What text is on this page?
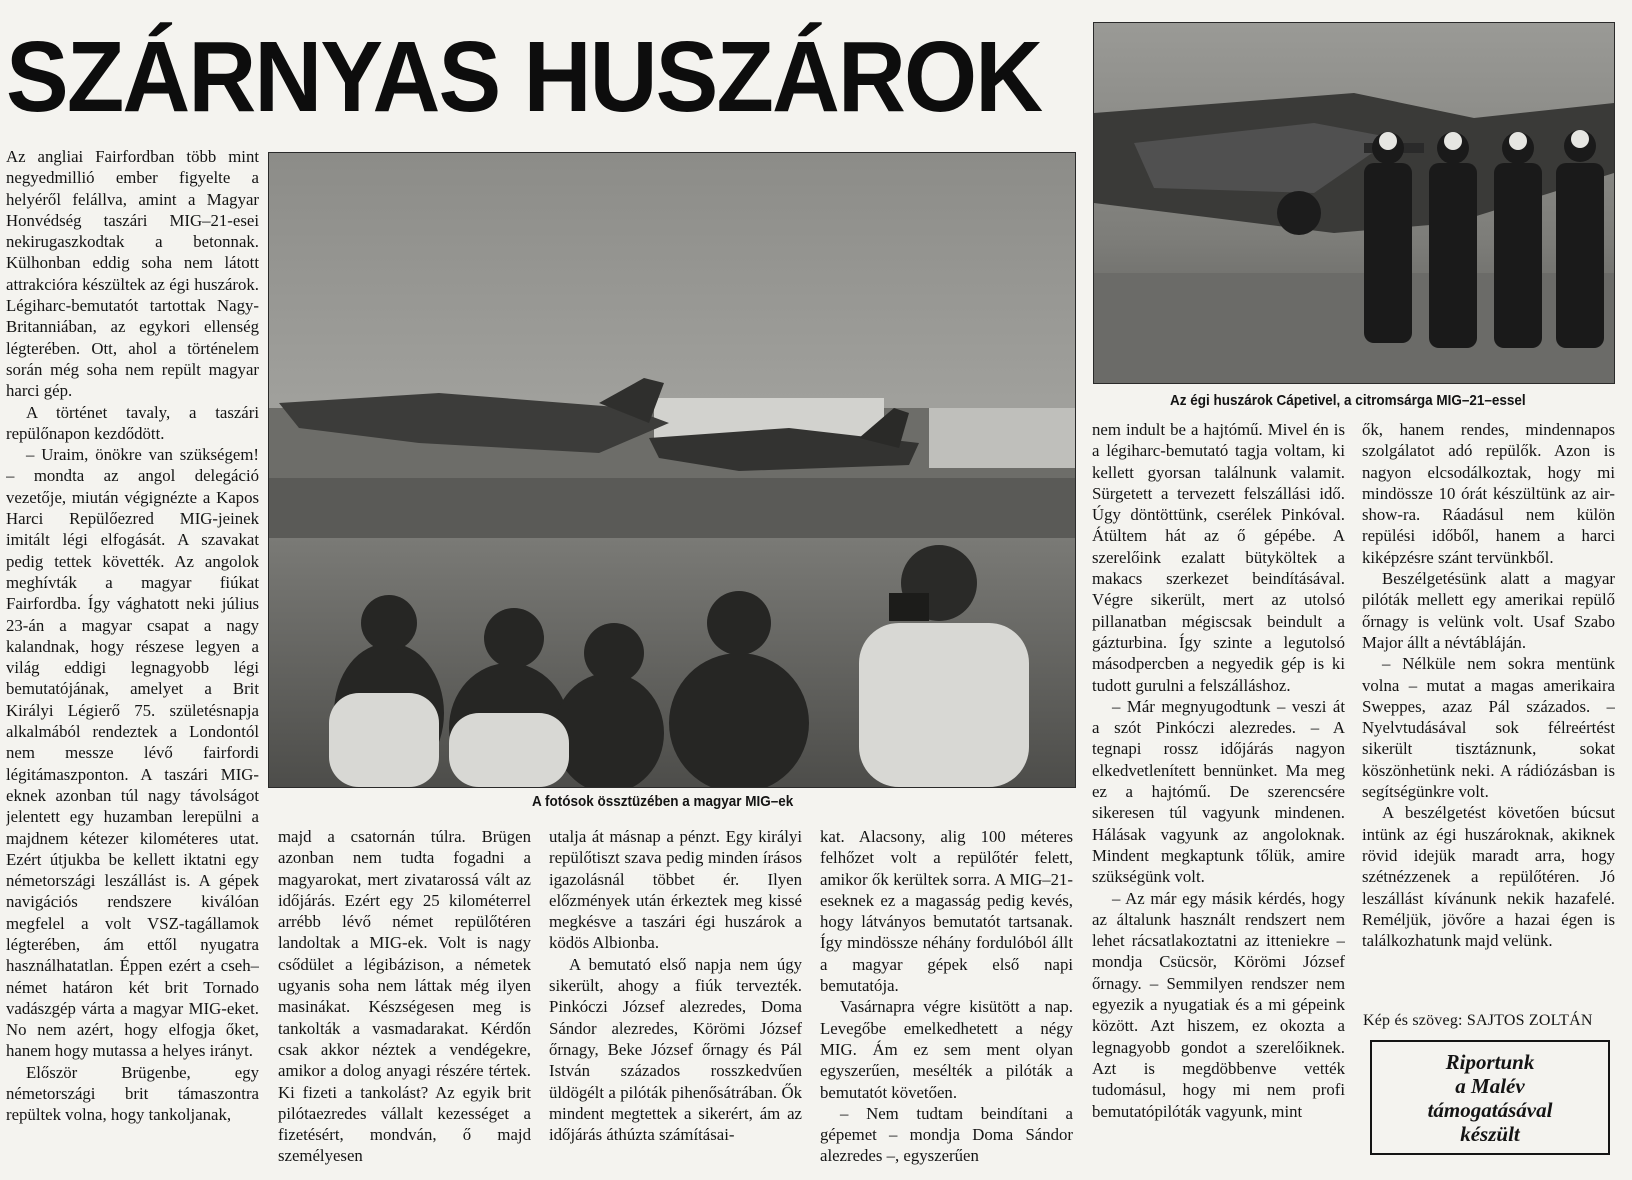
SZÁRNYAS HUSZÁROK
Az égi huszárok Cápetivel, a citromsárga MIG–21–essel
A fotósok össztüzében a magyar MIG–ek

Az angliai Fairfordban több mint negyedmillió ember figyelte a helyéről felállva, amint a Magyar Honvédség taszári MIG–21-esei nekirugaszkodtak a betonnak. Külhonban eddig soha nem látott attrakcióra készültek az égi huszárok. Légiharc-bemutatót tartottak Nagy-Britanniában, az egykori ellenség légterében. Ott, ahol a történelem során még soha nem repült magyar harci gép.

A történet tavaly, a taszári repülőnapon kezdődött.

– Uraim, önökre van szükségem! – mondta az angol delegáció vezetője, miután végignézte a Kapos Harci Repülőezred MIG-jeinek imitált légi elfogását. A szavakat pedig tettek követték. Az angolok meghívták a magyar fiúkat Fairfordba. Így vághatott neki július 23-án a magyar csapat a nagy kalandnak, hogy részese legyen a világ eddigi legnagyobb légi bemutatójának, amelyet a Brit Királyi Légierő 75. születésnapja alkalmából rendeztek a Londontól nem messze lévő fairfordi légitámaszponton. A taszári MIG-eknek azonban túl nagy távolságot jelentett egy huzamban lerepülni a majdnem kétezer kilométeres utat. Ezért útjukba be kellett iktatni egy németországi leszállást is. A gépek navigációs rendszere kiválóan megfelel a volt VSZ-tagállamok légterében, ám ettől nyugatra használhatatlan. Éppen ezért a cseh–német határon két brit Tornado vadászgép várta a magyar MIG-eket. No nem azért, hogy elfogja őket, hanem hogy mutassa a helyes irányt.

Először Brügenbe, egy németországi brit támaszontra repültek volna, hogy tankoljanak,

majd a csatornán túlra. Brügen azonban nem tudta fogadni a magyarokat, mert zivatarossá vált az időjárás. Ezért egy 25 kilométerrel arrébb lévő német repülőtéren landoltak a MIG-ek. Volt is nagy csődület a légibázison, a németek ugyanis soha nem láttak még ilyen masinákat. Készségesen meg is tankolták a vasmadarakat. Kérdőn csak akkor néztek a vendégekre, amikor a dolog anyagi részére tértek. Ki fizeti a tankolást? Az egyik brit pilótaezredes vállalt kezességet a fizetésért, mondván, ő majd személyesen

utalja át másnap a pénzt. Egy királyi repülőtiszt szava pedig minden írásos igazolásnál többet ér. Ilyen előzmények után érkeztek meg kissé megkésve a taszári égi huszárok a ködös Albionba.

A bemutató első napja nem úgy sikerült, ahogy a fiúk tervezték. Pinkóczi József alezredes, Doma Sándor alezredes, Körömi József őrnagy, Beke József őrnagy és Pál István százados rosszkedvűen üldögélt a pilóták pihenősátrában. Ők mindent megtettek a sikerért, ám az időjárás áthúzta számításai-

kat. Alacsony, alig 100 méteres felhőzet volt a repülőtér felett, amikor ők kerültek sorra. A MIG–21-eseknek ez a magasság pedig kevés, hogy látványos bemutatót tartsanak. Így mindössze néhány fordulóból állt a magyar gépek első napi bemutatója.

Vasárnapra végre kisütött a nap. Levegőbe emelkedhetett a négy MIG. Ám ez sem ment olyan egyszerűen, mesélték a pilóták a bemutatót követően.

– Nem tudtam beindítani a gépemet – mondja Doma Sándor alezredes –, egyszerűen

nem indult be a hajtómű. Mivel én is a légiharc-bemutató tagja voltam, ki kellett gyorsan találnunk valamit. Sürgetett a tervezett felszállási idő. Úgy döntöttünk, cserélek Pinkóval. Átültem hát az ő gépébe. A szerelőink ezalatt bütyköltek a makacs szerkezet beindításával. Végre sikerült, mert az utolsó pillanatban mégiscsak beindult a gázturbina. Így szinte a legutolsó másodpercben a negyedik gép is ki tudott gurulni a felszálláshoz.

– Már megnyugodtunk – veszi át a szót Pinkóczi alezredes. – A tegnapi rossz időjárás nagyon elkedvetlenített bennünket. Ma meg ez a hajtómű. De szerencsére sikeresen túl vagyunk mindenen. Hálásak vagyunk az angoloknak. Mindent megkaptunk tőlük, amire szükségünk volt.

– Az már egy másik kérdés, hogy az általunk használt rendszert nem lehet rácsatlakoztatni az itteniekre – mondja Csücsör, Körömi József őrnagy. – Semmilyen rendszer nem egyezik a nyugatiak és a mi gépeink között. Azt hiszem, ez okozta a legnagyobb gondot a szerelőiknek. Azt is megdöbbenve vették tudomásul, hogy mi nem profi bemutatópilóták vagyunk, mint

ők, hanem rendes, mindennapos szolgálatot adó repülők. Azon is nagyon elcsodálkoztak, hogy mi mindössze 10 órát készültünk az air-show-ra. Ráadásul nem külön repülési időből, hanem a harci kiképzésre szánt tervünkből.

Beszélgetésünk alatt a magyar pilóták mellett egy amerikai repülő őrnagy is velünk volt. Usaf Szabo Major állt a névtábláján.

– Nélküle nem sokra mentünk volna – mutat a magas amerikaira Sweppes, azaz Pál százados. – Nyelvtudásával sok félreértést sikerült tisztáznunk, sokat köszönhetünk neki. A rádiózásban is segítségünkre volt.

A beszélgetést követően búcsut intünk az égi huszároknak, akiknek rövid idejük maradt arra, hogy szétnézzenek a repülőtéren. Jó leszállást kívánunk nekik hazafelé. Reméljük, jövőre a hazai égen is találkozhatunk majd velünk.

Kép és szöveg: SAJTOS ZOLTÁN
Riportunk
a Malév
támogatásával
készült
